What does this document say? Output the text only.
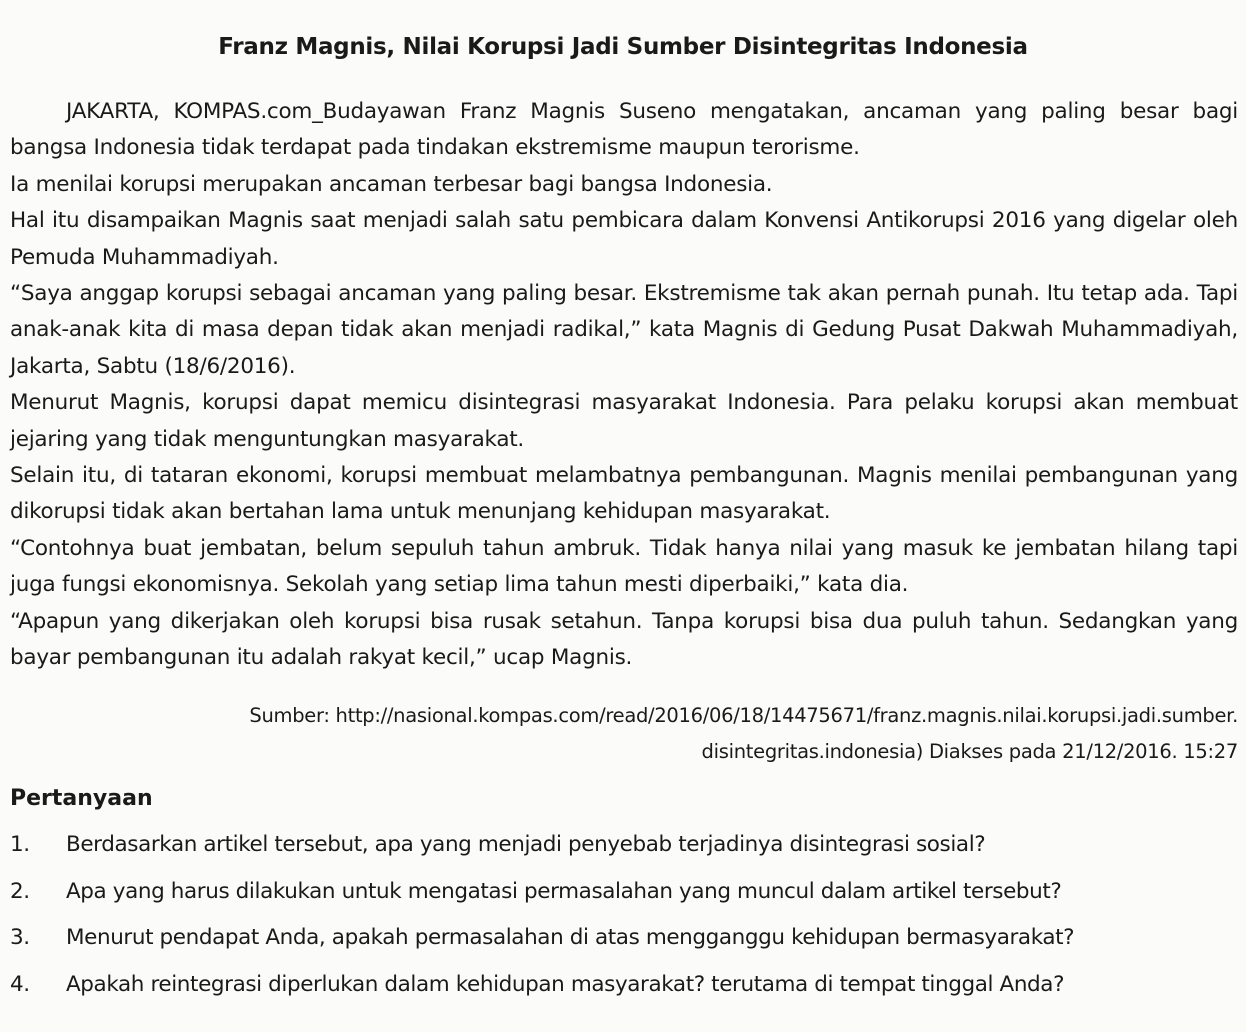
Franz Magnis, Nilai Korupsi Jadi Sumber Disintegritas Indonesia

JAKARTA, KOMPAS.com_Budayawan Franz Magnis Suseno mengatakan, ancaman yang paling besar bagi bangsa Indonesia tidak terdapat pada tindakan ekstremisme maupun terorisme.

Ia menilai korupsi merupakan ancaman terbesar bagi bangsa Indonesia.

Hal itu disampaikan Magnis saat menjadi salah satu pembicara dalam Konvensi Antikorupsi 2016 yang digelar oleh Pemuda Muhammadiyah.

“Saya anggap korupsi sebagai ancaman yang paling besar. Ekstremisme tak akan pernah punah. Itu tetap ada. Tapi anak-anak kita di masa depan tidak akan menjadi radikal,” kata Magnis di Gedung Pusat Dakwah Muhammadiyah, Jakarta, Sabtu (18/6/2016).

Menurut Magnis, korupsi dapat memicu disintegrasi masyarakat Indonesia. Para pelaku korupsi akan membuat jejaring yang tidak menguntungkan masyarakat.

Selain itu, di tataran ekonomi, korupsi membuat melambatnya pembangunan. Magnis menilai pembangunan yang dikorupsi tidak akan bertahan lama untuk menunjang kehidupan masyarakat.

“Contohnya buat jembatan, belum sepuluh tahun ambruk. Tidak hanya nilai yang masuk ke jembatan hilang tapi juga fungsi ekonomisnya. Sekolah yang setiap lima tahun mesti diperbaiki,” kata dia.

“Apapun yang dikerjakan oleh korupsi bisa rusak setahun. Tanpa korupsi bisa dua puluh tahun. Sedangkan yang bayar pembangunan itu adalah rakyat kecil,” ucap Magnis.

Sumber: http://nasional.kompas.com/read/2016/06/18/14475671/franz.magnis.nilai.korupsi.jadi.sumber.
disintegritas.indonesia) Diakses pada 21/12/2016. 15:27
Pertanyaan
1.	Berdasarkan artikel tersebut, apa yang menjadi penyebab terjadinya disintegrasi sosial?
2.	Apa yang harus dilakukan untuk mengatasi permasalahan yang muncul dalam artikel tersebut?
3.	Menurut pendapat Anda, apakah permasalahan di atas mengganggu kehidupan bermasyarakat?
4.	Apakah reintegrasi diperlukan dalam kehidupan masyarakat? terutama di tempat tinggal Anda?
